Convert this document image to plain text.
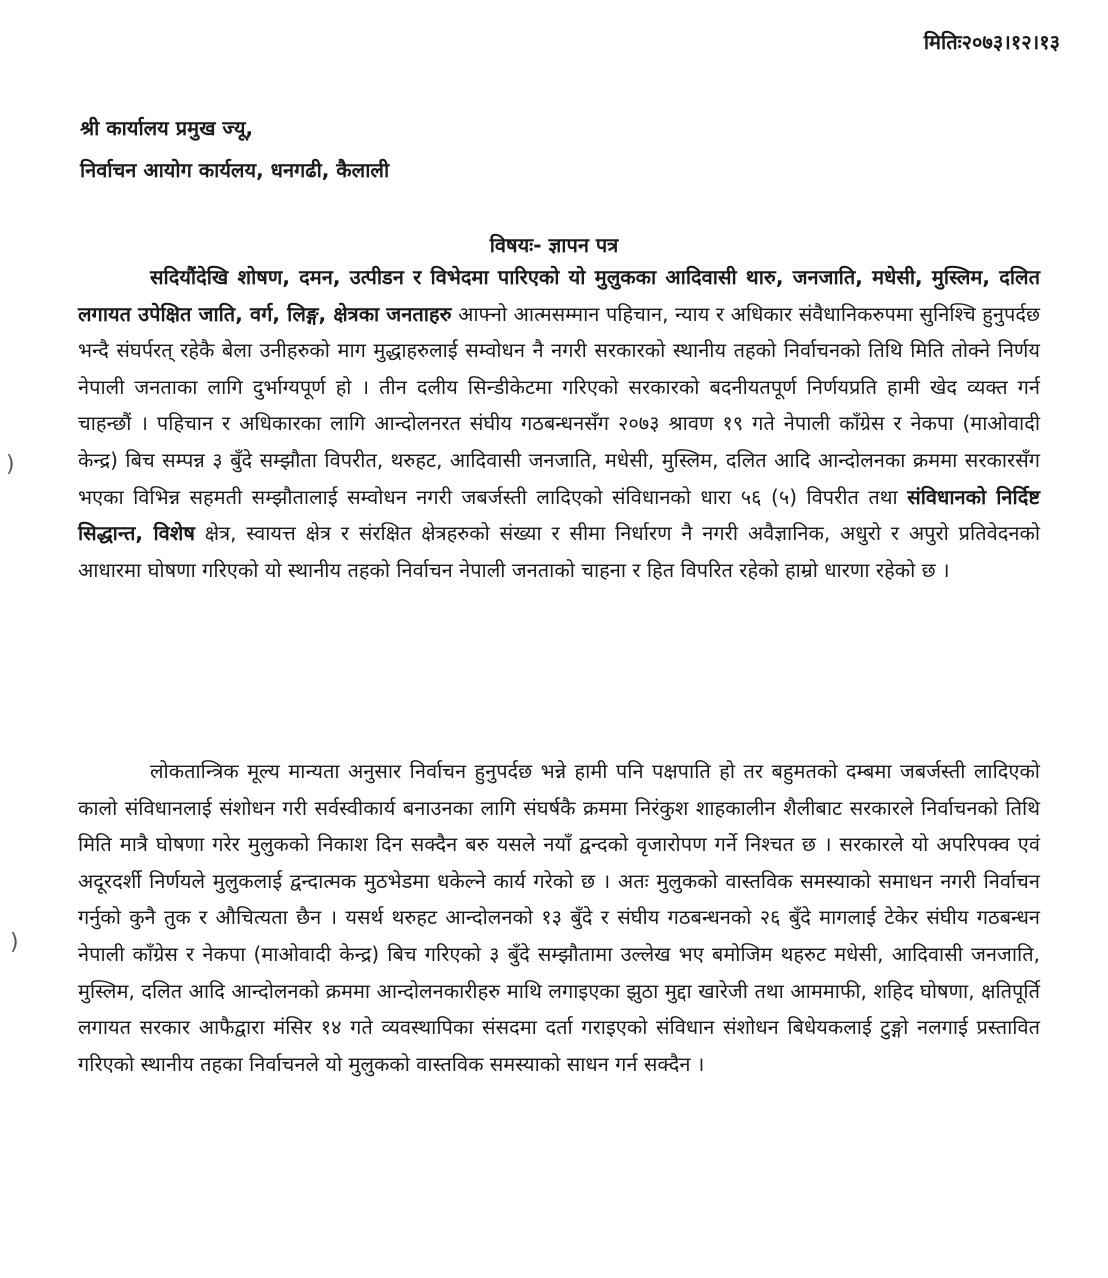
मितिः२०७३।१२।१३
श्री कार्यालय प्रमुख ज्यू,
निर्वाचन आयोग कार्यलय, धनगढी, कैलाली
विषयः- ज्ञापन पत्र
सदियौंदेखि शोषण, दमन, उत्पीडन र विभेदमा पारिएको यो मुलुकका आदिवासी थारु, जनजाति, मधेसी, मुस्लिम, दलित लगायत उपेक्षित जाति, वर्ग, लिङ्ग, क्षेत्रका जनताहरु आफ्नो आत्मसम्मान पहिचान, न्याय र अधिकार संवैधानिकरुपमा सुनिश्चि हुनुपर्दछ भन्दै संघर्परत् रहेकै बेला उनीहरुको माग मुद्धाहरुलाई सम्वोधन नै नगरी सरकारको स्थानीय तहको निर्वाचनको तिथि मिति तोक्ने निर्णय नेपाली जनताका लागि दुर्भाग्यपूर्ण हो । तीन दलीय सिन्डीकेटमा गरिएको सरकारको बदनीयतपूर्ण निर्णयप्रति हामी खेद व्यक्त गर्न चाहन्छौं । पहिचान र अधिकारका लागि आन्दोलनरत संघीय गठबन्धनसँग २०७३ श्रावण १९ गते नेपाली काँग्रेस र नेकपा (माओवादी केन्द्र) बिच सम्पन्न ३ बुँदे सम्झौता विपरीत, थरुहट, आदिवासी जनजाति, मधेसी, मुस्लिम, दलित आदि आन्दोलनका क्रममा सरकारसँग भएका विभिन्न सहमती सम्झौतालाई सम्वोधन नगरी जबर्जस्ती लादिएको संविधानको धारा ५६ (५) विपरीत तथा संविधानको निर्दिष्ट सिद्धान्त, विशेष क्षेत्र, स्वायत्त क्षेत्र र संरक्षित क्षेत्रहरुको संख्या र सीमा निर्धारण नै नगरी अवैज्ञानिक, अधुरो र अपुरो प्रतिवेदनको आधारमा घोषणा गरिएको यो स्थानीय तहको निर्वाचन नेपाली जनताको चाहना र हित विपरित रहेको हाम्रो धारणा रहेको छ ।
लोकतान्त्रिक मूल्य मान्यता अनुसार निर्वाचन हुनुपर्दछ भन्ने हामी पनि पक्षपाति हो तर बहुमतको दम्बमा जबर्जस्ती लादिएको कालो संविधानलाई संशोधन गरी सर्वस्वीकार्य बनाउनका लागि संघर्षकै क्रममा निरंकुश शाहकालीन शैलीबाट सरकारले निर्वाचनको तिथि मिति मात्रै घोषणा गरेर मुलुकको निकाश दिन सक्दैन बरु यसले नयाँ द्वन्दको वृजारोपण गर्ने निश्चत छ । सरकारले यो अपरिपक्व एवं अदूरदर्शी निर्णयले मुलुकलाई द्वन्दात्मक मुठभेडमा धकेल्ने कार्य गरेको छ । अतः मुलुकको वास्तविक समस्याको समाधन नगरी निर्वाचन गर्नुको कुनै तुक र औचित्यता छैन । यसर्थ थरुहट आन्दोलनको १३ बुँदे र संघीय गठबन्धनको २६ बुँदे मागलाई टेकेर संघीय गठबन्धन नेपाली काँग्रेस र नेकपा (माओवादी केन्द्र) बिच गरिएको ३ बुँदे सम्झौतामा उल्लेख भए बमोजिम थहरुट मधेसी, आदिवासी जनजाति, मुस्लिम, दलित आदि आन्दोलनको क्रममा आन्दोलनकारीहरु माथि लगाइएका झुठा मुद्दा खारेजी तथा आममाफी, शहिद घोषणा, क्षतिपूर्ति लगायत सरकार आफैद्वारा मंसिर १४ गते व्यवस्थापिका संसदमा दर्ता गराइएको संविधान संशोधन बिधेयकलाई टुङ्गो नलगाई प्रस्तावित गरिएको स्थानीय तहका निर्वाचनले यो मुलुकको वास्तविक समस्याको साधन गर्न सक्दैन ।
)
)
